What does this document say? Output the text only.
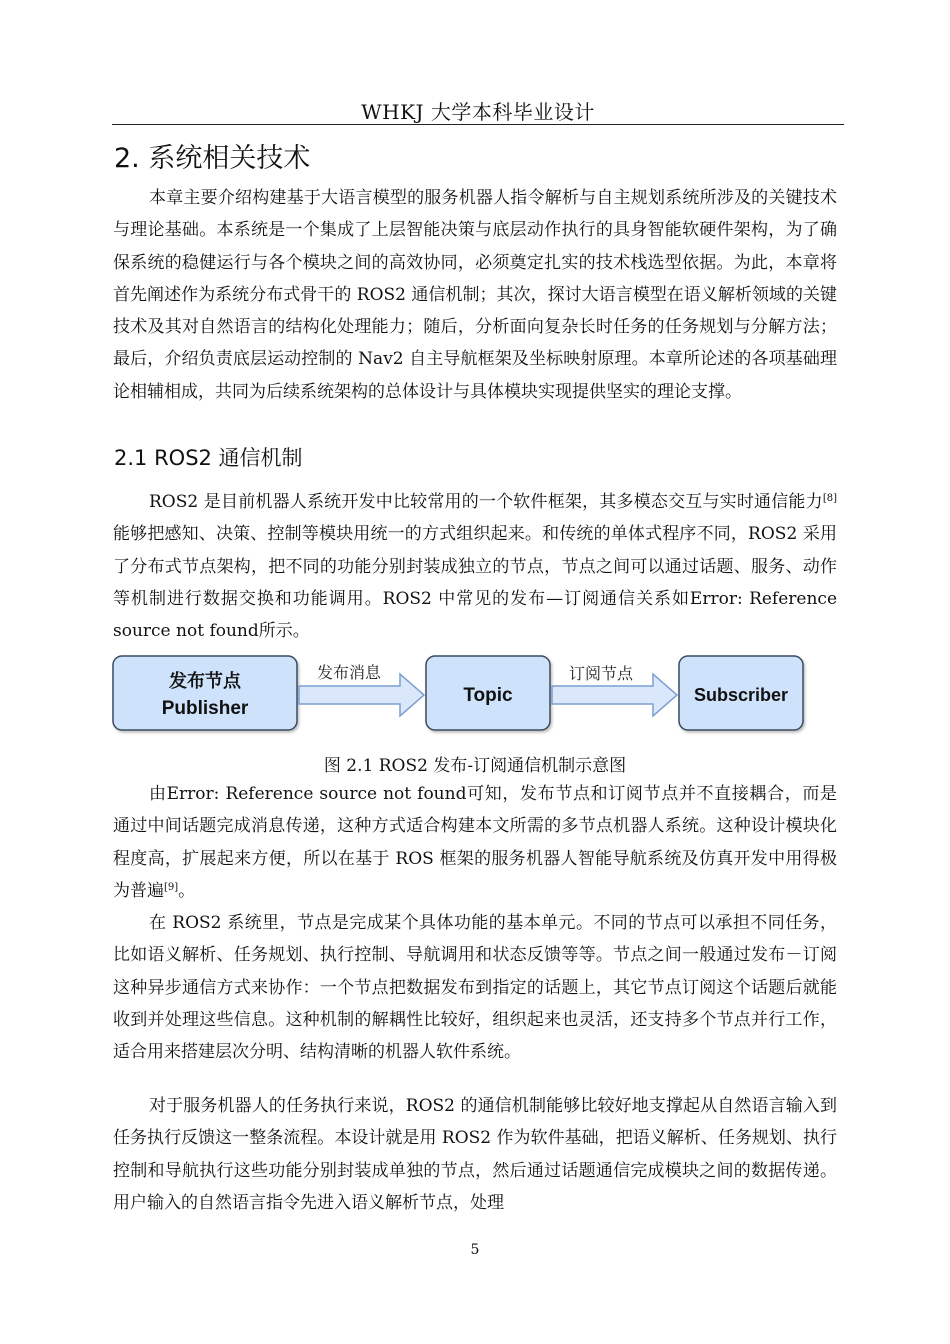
WHKJ 大学本科毕业设计
2. 系统相关技术

本章主要介绍构建基于大语言模型的服务机器人指令解析与自主规划系统所涉及的关键技术与理论基础。本系统是一个集成了上层智能决策与底层动作执行的具身智能软硬件架构，为了确保系统的稳健运行与各个模块之间的高效协同，必须奠定扎实的技术栈选型依据。为此，本章将首先阐述作为系统分布式骨干的 ROS2 通信机制；其次，探讨大语言模型在语义解析领域的关键技术及其对自然语言的结构化处理能力；随后，分析面向复杂长时任务的任务规划与分解方法；最后，介绍负责底层运动控制的 Nav2 自主导航框架及坐标映射原理。本章所论述的各项基础理论相辅相成，共同为后续系统架构的总体设计与具体模块实现提供坚实的理论支撑。

2.1 ROS2 通信机制

ROS2 是目前机器人系统开发中比较常用的一个软件框架，其多模态交互与实时通信能力[8]能够把感知、决策、控制等模块用统一的方式组织起来。和传统的单体式程序不同，ROS2 采用了分布式节点架构，把不同的功能分别封装成独立的节点，节点之间可以通过话题、服务、动作等机制进行数据交换和功能调用。ROS2 中常见的发布—订阅通信关系如Error: Reference source not found所示。

发布节点
Publisher
发布消息
Topic
订阅节点
Subscriber
图 2.1 ROS2 发布-订阅通信机制示意图

由Error: Reference source not found可知，发布节点和订阅节点并不直接耦合，而是通过中间话题完成消息传递，这种方式适合构建本文所需的多节点机器人系统。这种设计模块化程度高，扩展起来方便，所以在基于 ROS 框架的服务机器人智能导航系统及仿真开发中用得极为普遍[9]。

在 ROS2 系统里，节点是完成某个具体功能的基本单元。不同的节点可以承担不同任务，比如语义解析、任务规划、执行控制、导航调用和状态反馈等等。节点之间一般通过发布－订阅这种异步通信方式来协作：一个节点把数据发布到指定的话题上，其它节点订阅这个话题后就能收到并处理这些信息。这种机制的解耦性比较好，组织起来也灵活，还支持多个节点并行工作，适合用来搭建层次分明、结构清晰的机器人软件系统。

对于服务机器人的任务执行来说，ROS2 的通信机制能够比较好地支撑起从自然语言输入到任务执行反馈这一整条流程。本设计就是用 ROS2 作为软件基础，把语义解析、任务规划、执行控制和导航执行这些功能分别封装成单独的节点，然后通过话题通信完成模块之间的数据传递。用户输入的自然语言指令先进入语义解析节点，处理

5
